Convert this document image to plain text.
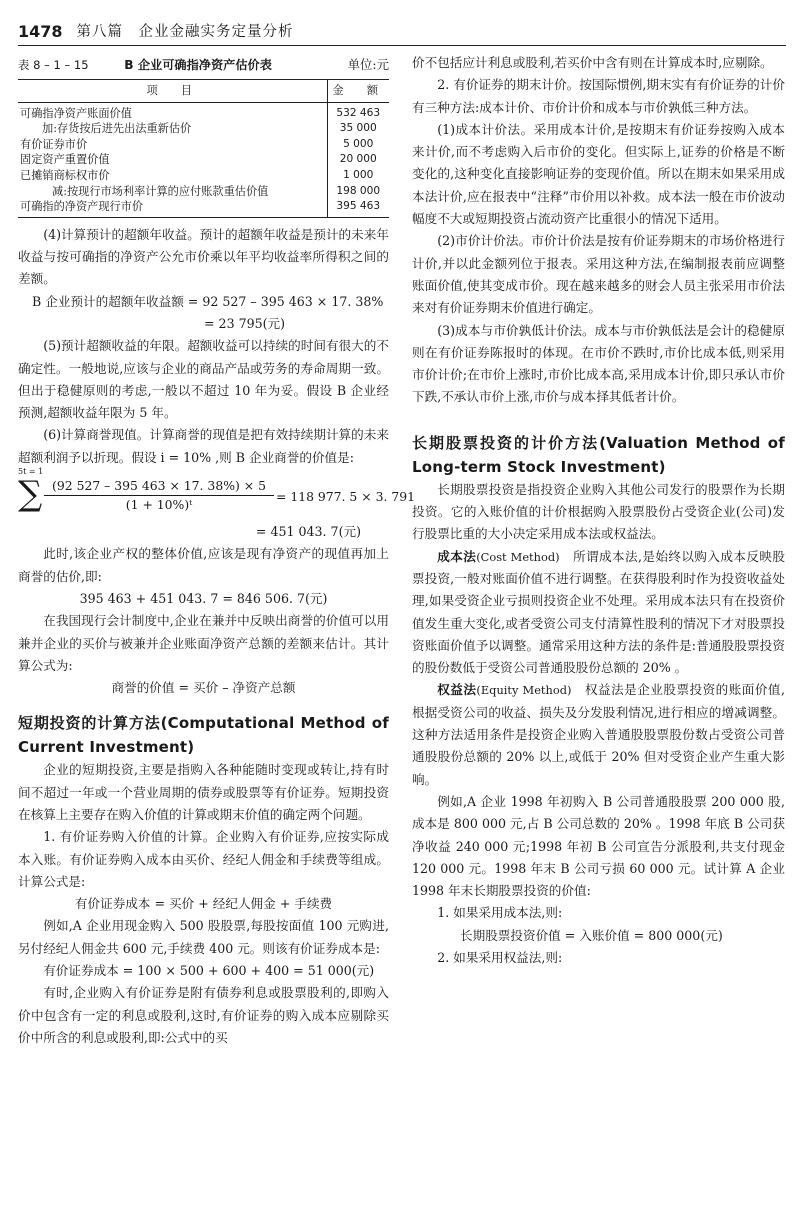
1478 第八篇　企业金融实务定量分析
表 8 – 1 – 15	B 企业可确指净资产估价表	单位:元
项　目	金　额
可确指净资产账面价值	532 463
加:存货按后进先出法重新估价	35 000
有价证券市价	5 000
固定资产重置价值	20 000
已摊销商标权市价	1 000
减:按现行市场利率计算的应付账款重估价值	198 000
可确指的净资产现行市价	395 463

(4)计算预计的超额年收益。预计的超额年收益是预计的未来年收益与按可确指的净资产公允市价乘以年平均收益率所得积之间的差额。

B 企业预计的超额年收益额 = 92 527 – 395 463 × 17. 38%

= 23 795(元)

(5)预计超额收益的年限。超额收益可以持续的时间有很大的不确定性。一般地说,应该与企业的商品产品或劳务的寿命周期一致。但出于稳健原则的考虑,一般以不超过 10 年为妥。假设 B 企业经预测,超额收益年限为 5 年。

(6)计算商誉现值。计算商誉的现值是把有效持续期计算的未来超额利润予以折现。假设 i = 10% ,则 B 企业商誉的价值是:

5t = 1
∑ $\frac{(92 527 - 395 463 \times 17. 38\%) \times 5}{\text{(1 + 10\%)ᵗ}} = 118$ 977. 5 × 3. 791

= 451 043. 7(元)

此时,该企业产权的整体价值,应该是现有净资产的现值再加上商誉的估价,即:

395 463 + 451 043. 7 = 846 506. 7(元)

在我国现行会计制度中,企业在兼并中反映出商誉的价值可以用兼并企业的买价与被兼并企业账面净资产总额的差额来估计。其计算公式为:

商誉的价值 = 买价 – 净资产总额

短期投资的计算方法(Computational Method of Current Investment)

企业的短期投资,主要是指购入各种能随时变现或转让,持有时间不超过一年或一个营业周期的债券或股票等有价证券。短期投资在核算上主要存在购入价值的计算或期末价值的确定两个问题。

1. 有价证券购入价值的计算。企业购入有价证券,应按实际成本入账。有价证券购入成本由买价、经纪人佣金和手续费等组成。计算公式是:

有价证券成本 = 买价 + 经纪人佣金 + 手续费

例如,A 企业用现金购入 500 股股票,每股按面值 100 元购进,另付经纪人佣金共 600 元,手续费 400 元。则该有价证券成本是:

有价证券成本 = 100 × 500 + 600 + 400 = 51 000(元)

有时,企业购入有价证券是附有债券利息或股票股利的,即购入价中包含有一定的利息或股利,这时,有价证券的购入成本应剔除买价中所含的利息或股利,即:公式中的买

价不包括应计利息或股利,若买价中含有则在计算成本时,应剔除。

2. 有价证券的期末计价。按国际惯例,期末实有有价证券的计价有三种方法:成本计价、市价计价和成本与市价孰低三种方法。

(1)成本计价法。采用成本计价,是按期末有价证券按购入成本来计价,而不考虑购入后市价的变化。但实际上,证券的价格是不断变化的,这种变化直接影响证券的变现价值。所以在期末如果采用成本法计价,应在报表中“注释”市价用以补救。成本法一般在市价波动幅度不大或短期投资占流动资产比重很小的情况下适用。

(2)市价计价法。市价计价法是按有价证券期末的市场价格进行计价,并以此金额列位于报表。采用这种方法,在编制报表前应调整账面价值,使其变成市价。现在越来越多的财会人员主张采用市价法来对有价证券期末价值进行确定。

(3)成本与市价孰低计价法。成本与市价孰低法是会计的稳健原则在有价证券陈报时的体现。在市价不跌时,市价比成本低,则采用市价计价;在市价上涨时,市价比成本高,采用成本计价,即只承认市价下跌,不承认市价上涨,市价与成本择其低者计价。

长期股票投资的计价方法(Valuation Method of Long-term Stock Investment)

长期股票投资是指投资企业购入其他公司发行的股票作为长期投资。它的入账价值的计价根据购入股票股份占受资企业(公司)发行股票比重的大小决定采用成本法或权益法。

成本法(Cost Method)　所谓成本法,是始终以购入成本反映股票投资,一般对账面价值不进行调整。在获得股利时作为投资收益处理,如果受资企业亏损则投资企业不处理。采用成本法只有在投资价值发生重大变化,或者受资公司支付清算性股利的情况下才对股票投资账面价值予以调整。通常采用这种方法的条件是:普通股股票投资的股份数低于受资公司普通股股份总额的 20% 。

权益法(Equity Method)　权益法是企业股票投资的账面价值,根据受资公司的收益、损失及分发股利情况,进行相应的增减调整。这种方法适用条件是投资企业购入普通股股票股份数占受资公司普通股股份总额的 20% 以上,或低于 20% 但对受资企业产生重大影响。

例如,A 企业 1998 年初购入 B 公司普通股股票 200 000 股,成本是 800 000 元,占 B 公司总数的 20% 。1998 年底 B 公司获净收益 240 000 元;1998 年初 B 公司宣告分派股利,共支付现金 120 000 元。1998 年末 B 公司亏损 60 000 元。试计算 A 企业 1998 年末长期股票投资的价值:

1. 如果采用成本法,则:

长期股票投资价值 = 入账价值 = 800 000(元)

2. 如果采用权益法,则:
